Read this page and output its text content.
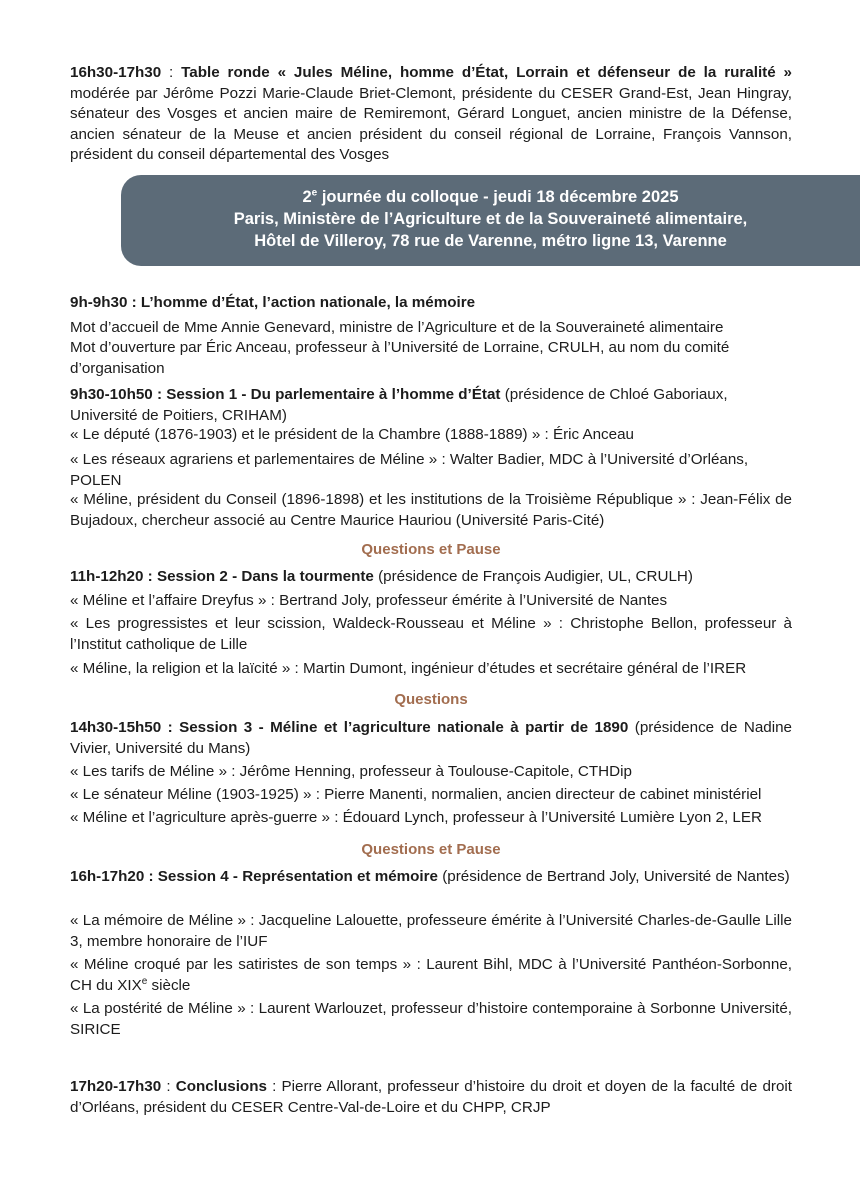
16h30-17h30 : Table ronde « Jules Méline, homme d’État, Lorrain et défenseur de la ruralité » modérée par Jérôme Pozzi Marie-Claude Briet-Clemont, présidente du CESER Grand-Est, Jean Hingray, sénateur des Vosges et ancien maire de Remiremont, Gérard Longuet, ancien ministre de la Défense, ancien sénateur de la Meuse et ancien président du conseil régional de Lorraine, François Vannson, président du conseil départemental des Vosges

2e journée du colloque - jeudi 18 décembre 2025
Paris, Ministère de l’Agriculture et de la Souveraineté alimentaire,
Hôtel de Villeroy, 78 rue de Varenne, métro ligne 13, Varenne

9h-9h30 : L’homme d’État, l’action nationale, la mémoire

Mot d’accueil de Mme Annie Genevard, ministre de l’Agriculture et de la Souveraineté alimentaire

Mot d’ouverture par Éric Anceau, professeur à l’Université de Lorraine, CRULH, au nom du comité d’organisation

9h30-10h50 : Session 1 - Du parlementaire à l’homme d’État (présidence de Chloé Gaboriaux, Université de Poitiers, CRIHAM)

« Le député (1876-1903) et le président de la Chambre (1888-1889) » : Éric Anceau

« Les réseaux agrariens et parlementaires de Méline » : Walter Badier, MDC à l’Université d’Orléans, POLEN

« Méline, président du Conseil (1896-1898) et les institutions de la Troisième République » : Jean-Félix de Bujadoux, chercheur associé au Centre Maurice Hauriou (Université Paris-Cité)

Questions et Pause

11h-12h20 : Session 2 - Dans la tourmente (présidence de François Audigier, UL, CRULH)

« Méline et l’affaire Dreyfus » : Bertrand Joly, professeur émérite à l’Université de Nantes

« Les progressistes et leur scission, Waldeck-Rousseau et Méline » : Christophe Bellon, professeur à l’Institut catholique de Lille

« Méline, la religion et la laïcité » : Martin Dumont, ingénieur d’études et secrétaire général de l’IRER

Questions

14h30-15h50 : Session 3 - Méline et l’agriculture nationale à partir de 1890 (présidence de Nadine Vivier, Université du Mans)

« Les tarifs de Méline » : Jérôme Henning, professeur à Toulouse-Capitole, CTHDip

« Le sénateur Méline (1903-1925) » : Pierre Manenti, normalien, ancien directeur de cabinet ministériel

« Méline et l’agriculture après-guerre » : Édouard Lynch, professeur à l’Université Lumière Lyon 2, LER

Questions et Pause

16h-17h20 : Session 4 - Représentation et mémoire (présidence de Bertrand Joly, Université de Nantes)

« La mémoire de Méline » : Jacqueline Lalouette, professeure émérite à l’Université Charles-de-Gaulle Lille 3, membre honoraire de l’IUF

« Méline croqué par les satiristes de son temps » : Laurent Bihl, MDC à l’Université Panthéon-Sorbonne, CH du XIXe siècle

« La postérité de Méline » : Laurent Warlouzet, professeur d’histoire contemporaine à Sorbonne Université, SIRICE

17h20-17h30 : Conclusions : Pierre Allorant, professeur d’histoire du droit et doyen de la faculté de droit d’Orléans, président du CESER Centre-Val-de-Loire et du CHPP, CRJP
